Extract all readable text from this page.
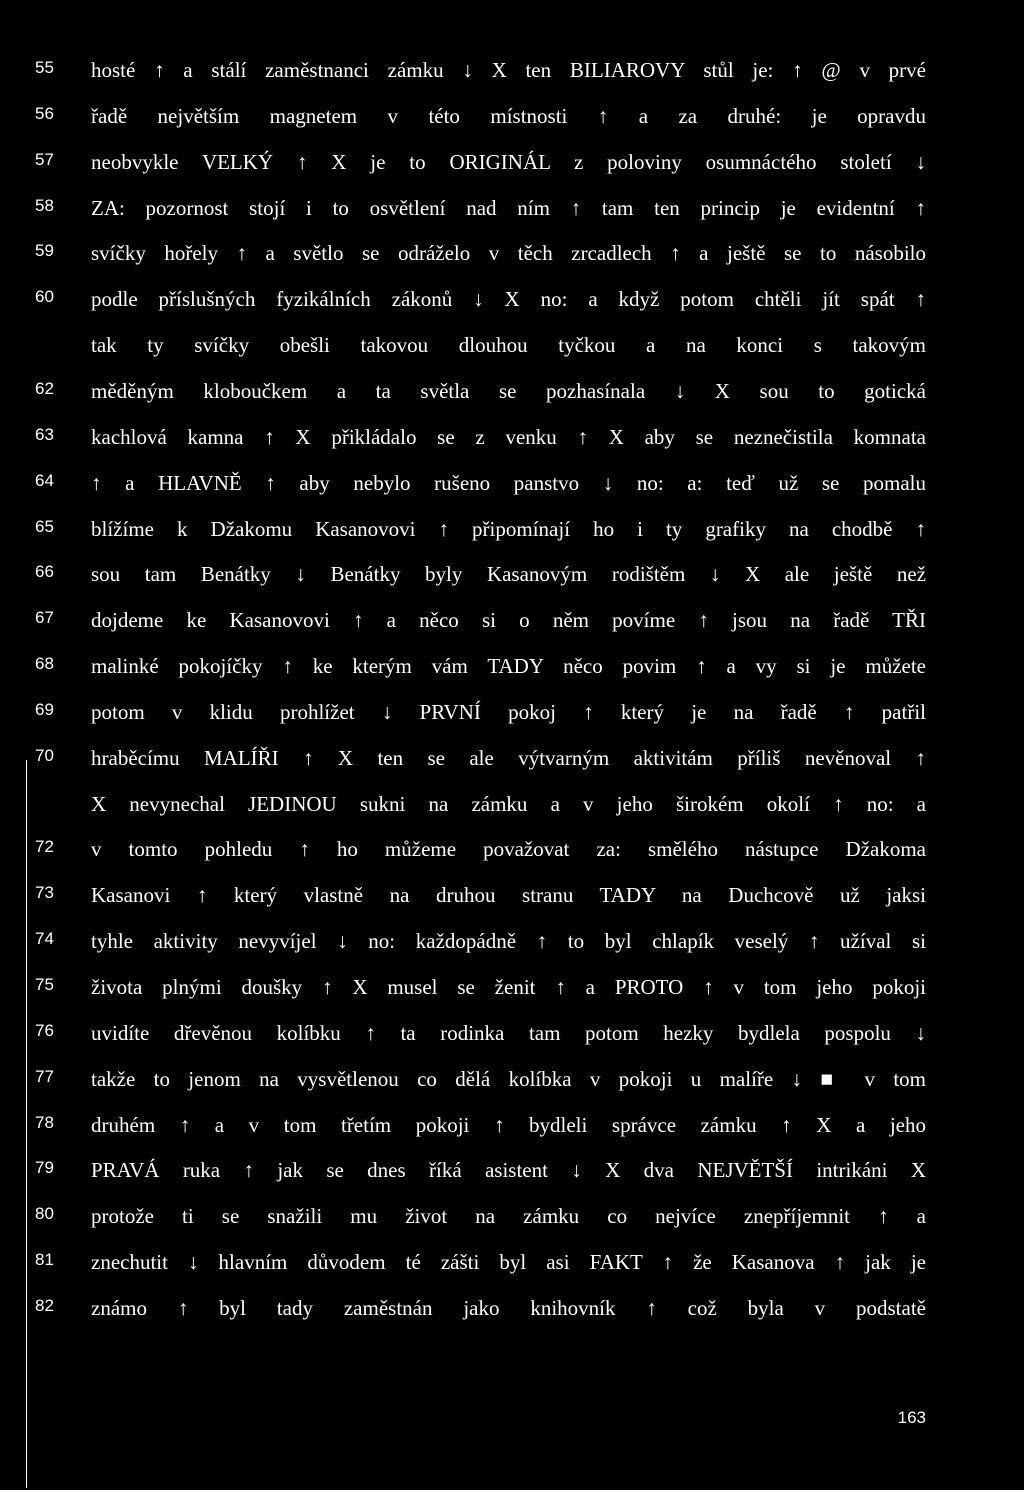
55	hosté ↑ a stálí zaměstnanci zámku ↓ X ten BILIAROVY stůl je: ↑ @ v prvé
56	řadě největším magnetem v této místnosti ↑ a za druhé: je opravdu
57	neobvykle VELKÝ ↑ X je to ORIGINÁL z poloviny osumnáctého století ↓
58	ZA: pozornost stojí i to osvětlení nad ním ↑ tam ten princip je evidentní ↑
59	svíčky hořely ↑ a světlo se odráželo v těch zrcadlech ↑ a ještě se to násobilo
60	podle příslušných fyzikálních zákonů ↓ X no: a když potom chtěli jít spát ↑
tak ty svíčky obešli takovou dlouhou tyčkou a na konci s takovým
62	měděným kloboučkem a ta světla se pozhasínala ↓ X sou to gotická
63	kachlová kamna ↑ X přikládalo se z venku ↑ X aby se neznečistila komnata
64	↑ a HLAVNĚ ↑ aby nebylo rušeno panstvo ↓ no: a: teď už se pomalu
65	blížíme k Džakomu Kasanovovi ↑ připomínají ho i ty grafiky na chodbě ↑
66	sou tam Benátky ↓ Benátky byly Kasanovým rodištěm ↓ X ale ještě než
67	dojdeme ke Kasanovovi ↑ a něco si o něm povíme ↑ jsou na řadě TŘI
68	malinké pokojíčky ↑ ke kterým vám TADY něco povim ↑ a vy si je můžete
69	potom v klidu prohlížet ↓ PRVNÍ pokoj ↑ který je na řadě ↑ patřil
70	hraběcímu MALÍŘI ↑ X ten se ale výtvarným aktivitám příliš nevěnoval ↑
X nevynechal JEDINOU sukni na zámku a v jeho širokém okolí ↑ no: a
72	v tomto pohledu ↑ ho můžeme považovat za: smělého nástupce Džakoma
73	Kasanovi ↑ který vlastně na druhou stranu TADY na Duchcově už jaksi
74	tyhle aktivity nevyvíjel ↓ no: každopádně ↑ to byl chlapík veselý ↑ užíval si
75	života plnými doušky ↑ X musel se ženit ↑ a PROTO ↑ v tom jeho pokoji
76	uvidíte dřevěnou kolíbku ↑ ta rodinka tam potom hezky bydlela pospolu ↓
77	takže to jenom na vysvětlenou co dělá kolíbka v pokoji u malíře ↓ ■ v tom
78	druhém ↑ a v tom třetím pokoji ↑ bydleli správce zámku ↑ X a jeho
79	PRAVÁ ruka ↑ jak se dnes říká asistent ↓ X dva NEJVĚTŠÍ intrikáni X
80	protože ti se snažili mu život na zámku co nejvíce znepříjemnit ↑ a
81	znechutit ↓ hlavním důvodem té zášti byl asi FAKT ↑ že Kasanova ↑ jak je
82	známo ↑ byl tady zaměstnán jako knihovník ↑ což byla v podstatě
163
